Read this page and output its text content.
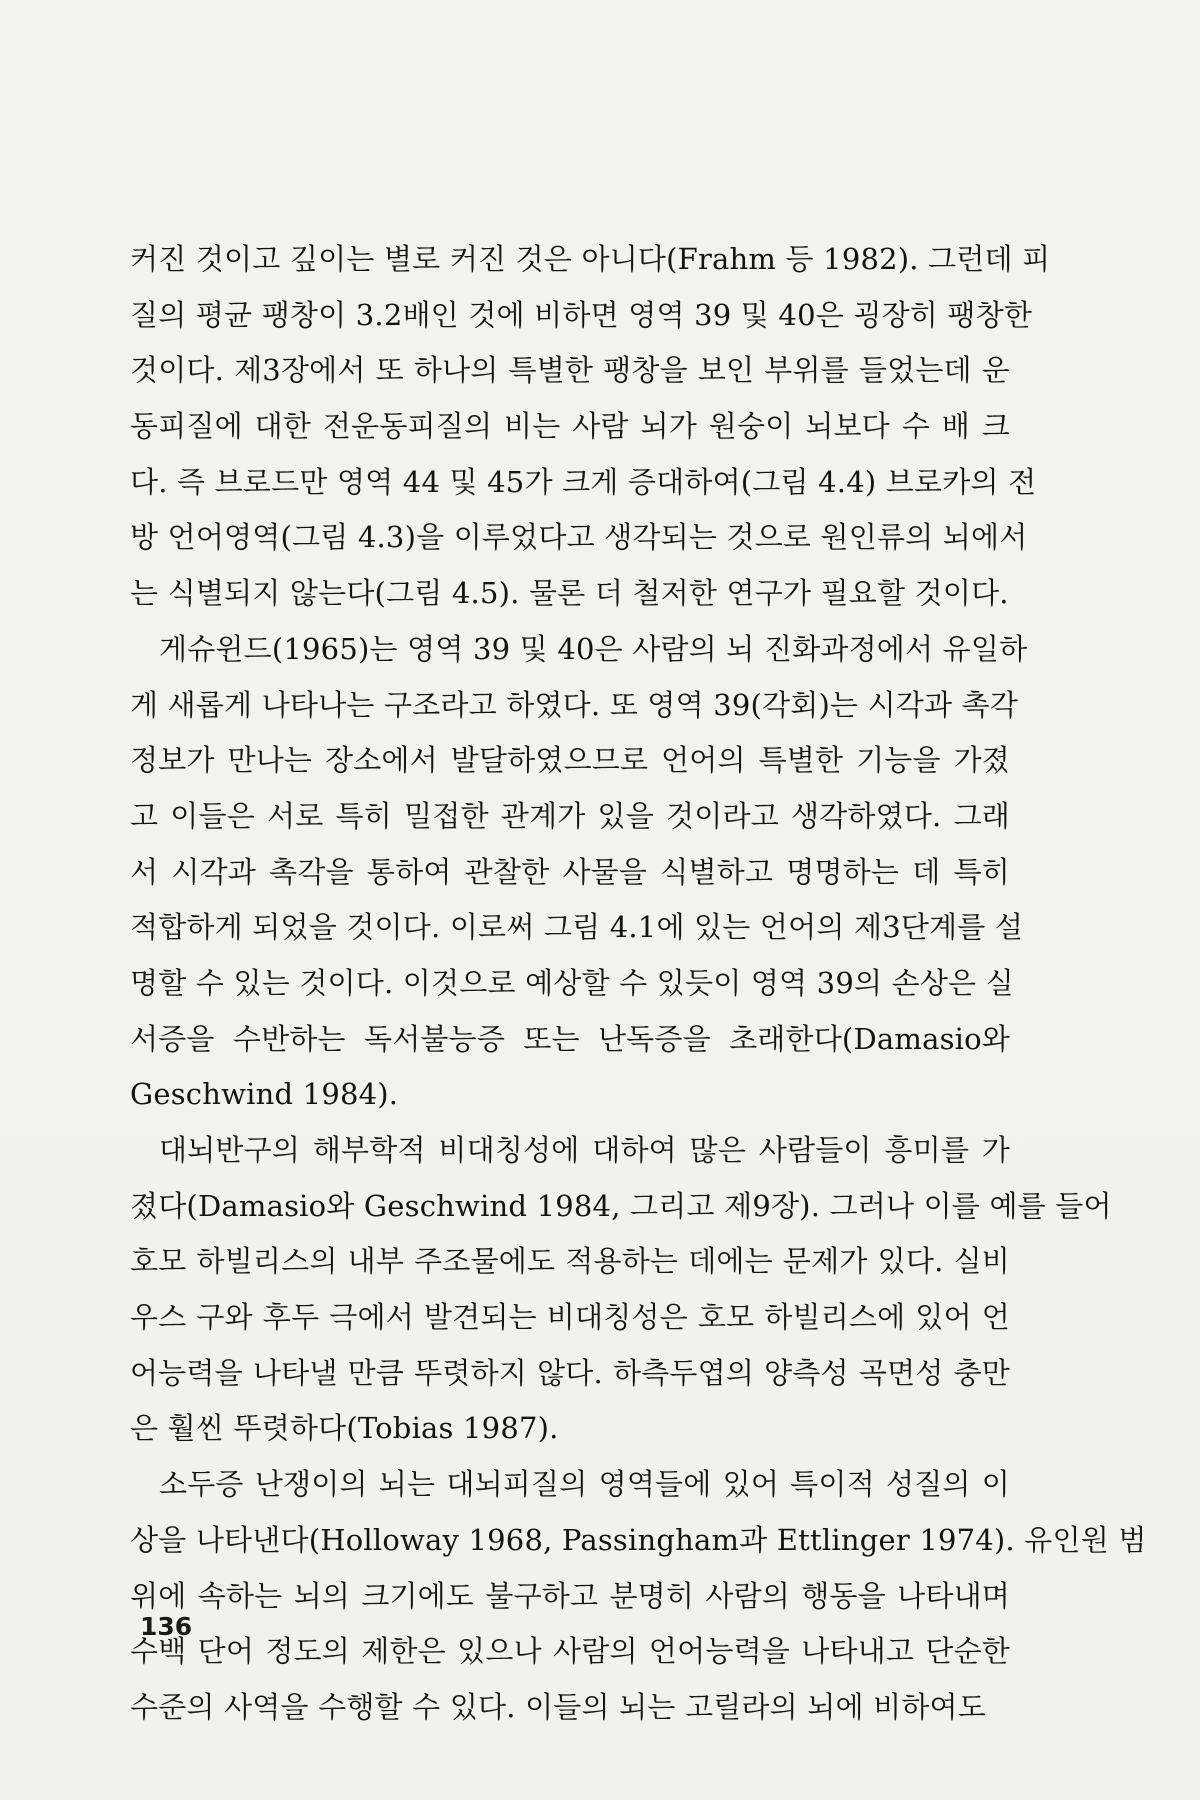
커진 것이고 깊이는 별로 커진 것은 아니다(Frahm 등 1982). 그런데 피
질의 평균 팽창이 3.2배인 것에 비하면 영역 39 및 40은 굉장히 팽창한
것이다. 제3장에서 또 하나의 특별한 팽창을 보인 부위를 들었는데 운
동피질에 대한 전운동피질의 비는 사람 뇌가 원숭이 뇌보다 수 배 크
다. 즉 브로드만 영역 44 및 45가 크게 증대하여(그림 4.4) 브로카의 전
방 언어영역(그림 4.3)을 이루었다고 생각되는 것으로 원인류의 뇌에서
는 식별되지 않는다(그림 4.5). 물론 더 철저한 연구가 필요할 것이다.
게슈윈드(1965)는 영역 39 및 40은 사람의 뇌 진화과정에서 유일하
게 새롭게 나타나는 구조라고 하였다. 또 영역 39(각회)는 시각과 촉각
정보가 만나는 장소에서 발달하였으므로 언어의 특별한 기능을 가졌
고 이들은 서로 특히 밀접한 관계가 있을 것이라고 생각하였다. 그래
서 시각과 촉각을 통하여 관찰한 사물을 식별하고 명명하는 데 특히
적합하게 되었을 것이다. 이로써 그림 4.1에 있는 언어의 제3단계를 설
명할 수 있는 것이다. 이것으로 예상할 수 있듯이 영역 39의 손상은 실
서증을 수반하는 독서불능증 또는 난독증을 초래한다(Damasio와
Geschwind 1984).
대뇌반구의 해부학적 비대칭성에 대하여 많은 사람들이 흥미를 가
졌다(Damasio와 Geschwind 1984, 그리고 제9장). 그러나 이를 예를 들어
호모 하빌리스의 내부 주조물에도 적용하는 데에는 문제가 있다. 실비
우스 구와 후두 극에서 발견되는 비대칭성은 호모 하빌리스에 있어 언
어능력을 나타낼 만큼 뚜렷하지 않다. 하측두엽의 양측성 곡면성 충만
은 훨씬 뚜렷하다(Tobias 1987).
소두증 난쟁이의 뇌는 대뇌피질의 영역들에 있어 특이적 성질의 이
상을 나타낸다(Holloway 1968, Passingham과 Ettlinger 1974). 유인원 범
위에 속하는 뇌의 크기에도 불구하고 분명히 사람의 행동을 나타내며
수백 단어 정도의 제한은 있으나 사람의 언어능력을 나타내고 단순한
수준의 사역을 수행할 수 있다. 이들의 뇌는 고릴라의 뇌에 비하여도
136
